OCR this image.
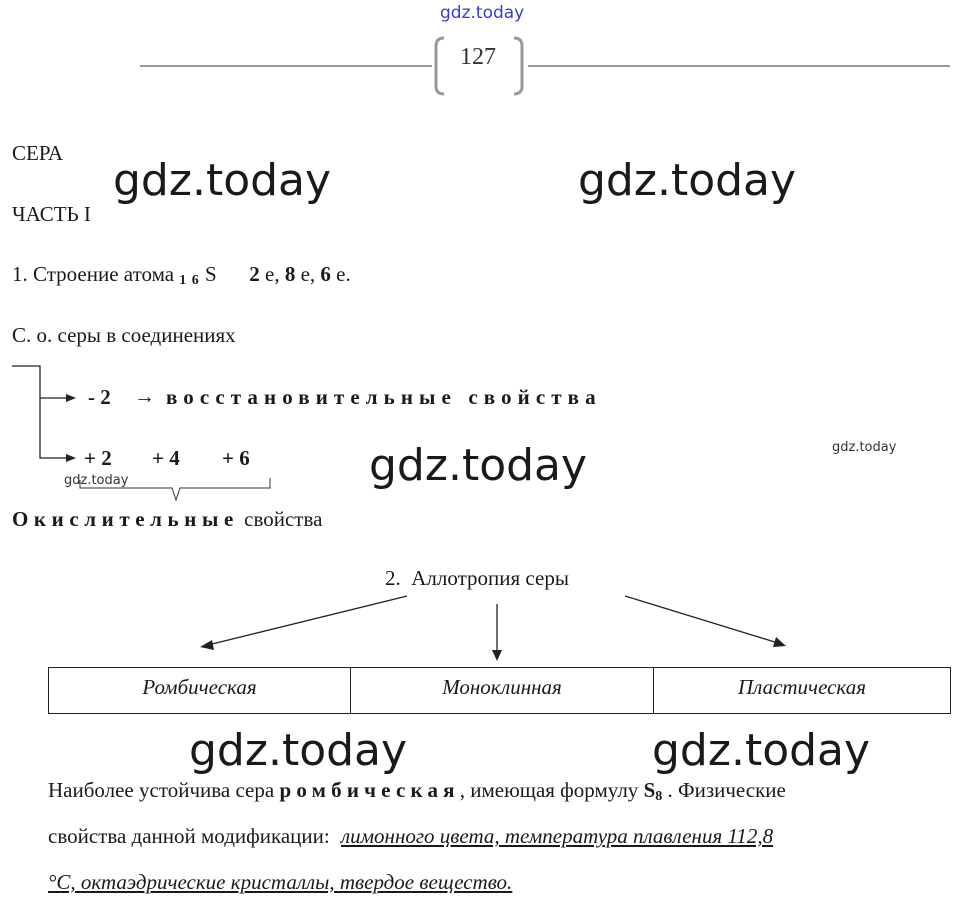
gdz.today
127
СЕРА
ЧАСТЬ I
gdz.today	gdz.today
gdz.today
gdz.today	gdz.today
gdz.today
gdz.today
1. Строение атома 1 6 S 2 е, 8 е, 6 е.
С. о. серы в соединениях
- 2 → восстановительные свойства
+ 2 + 4 + 6
Окислительные свойства
2.  Аллотропия серы
Ромбическая	Моноклинная	Пластическая
Наиболее устойчива сера ромбическая, имеющая формулу S8 . Физические
свойства данной модификации: лимонного цвета, температура плавления 112,8
°С, октаэдрические кристаллы, твердое вещество.
